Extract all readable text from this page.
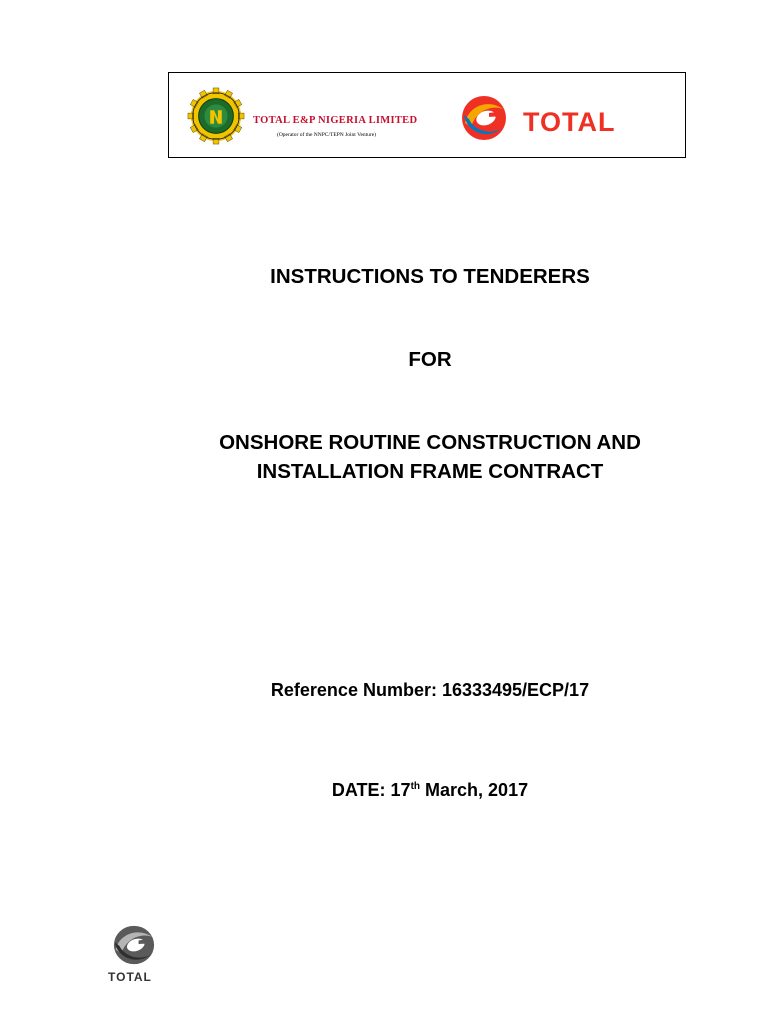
TOTAL E&P NIGERIA LIMITED
(Operator of the NNPC/TEPN Joint Venture)	TOTAL
INSTRUCTIONS TO TENDERERS
FOR
ONSHORE ROUTINE CONSTRUCTION AND
INSTALLATION FRAME CONTRACT
Reference Number: 16333495/ECP/17
DATE: 17th March, 2017
TOTAL
